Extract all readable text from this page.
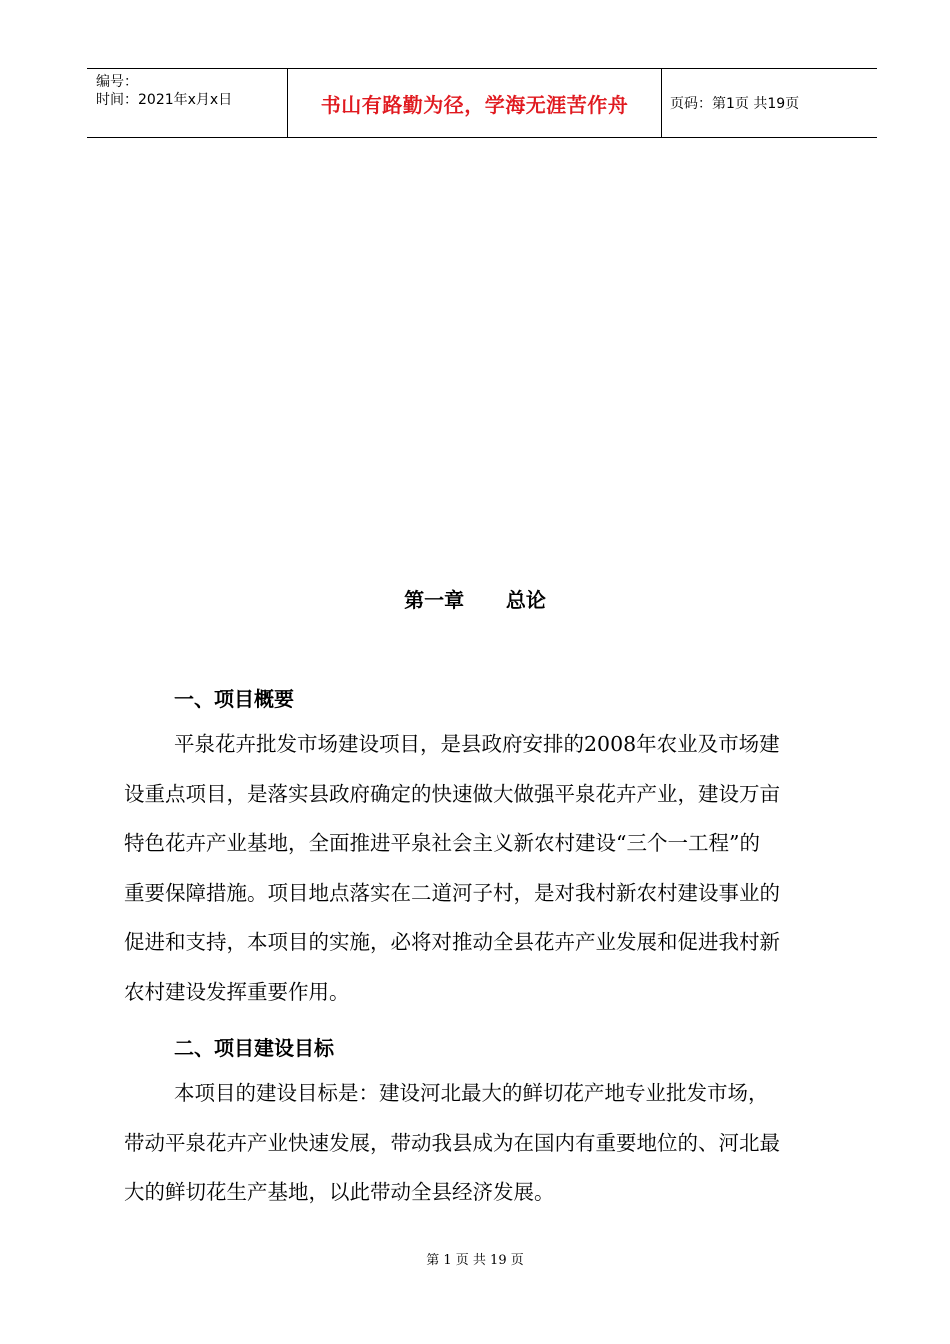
编号：
时间：2021年x月x日	书山有路勤为径，学海无涯苦作舟	页码：第1页 共19页
第一章      总论
一、项目概要
平泉花卉批发市场建设项目，是县政府安排的2008年农业及市场建
设重点项目，是落实县政府确定的快速做大做强平泉花卉产业，建设万亩
特色花卉产业基地，全面推进平泉社会主义新农村建设“三个一工程”的
重要保障措施。项目地点落实在二道河子村，是对我村新农村建设事业的
促进和支持，本项目的实施，必将对推动全县花卉产业发展和促进我村新
农村建设发挥重要作用。
二、项目建设目标
本项目的建设目标是：建设河北最大的鲜切花产地专业批发市场，
带动平泉花卉产业快速发展，带动我县成为在国内有重要地位的、河北最
大的鲜切花生产基地，以此带动全县经济发展。
第 1 页 共 19 页
